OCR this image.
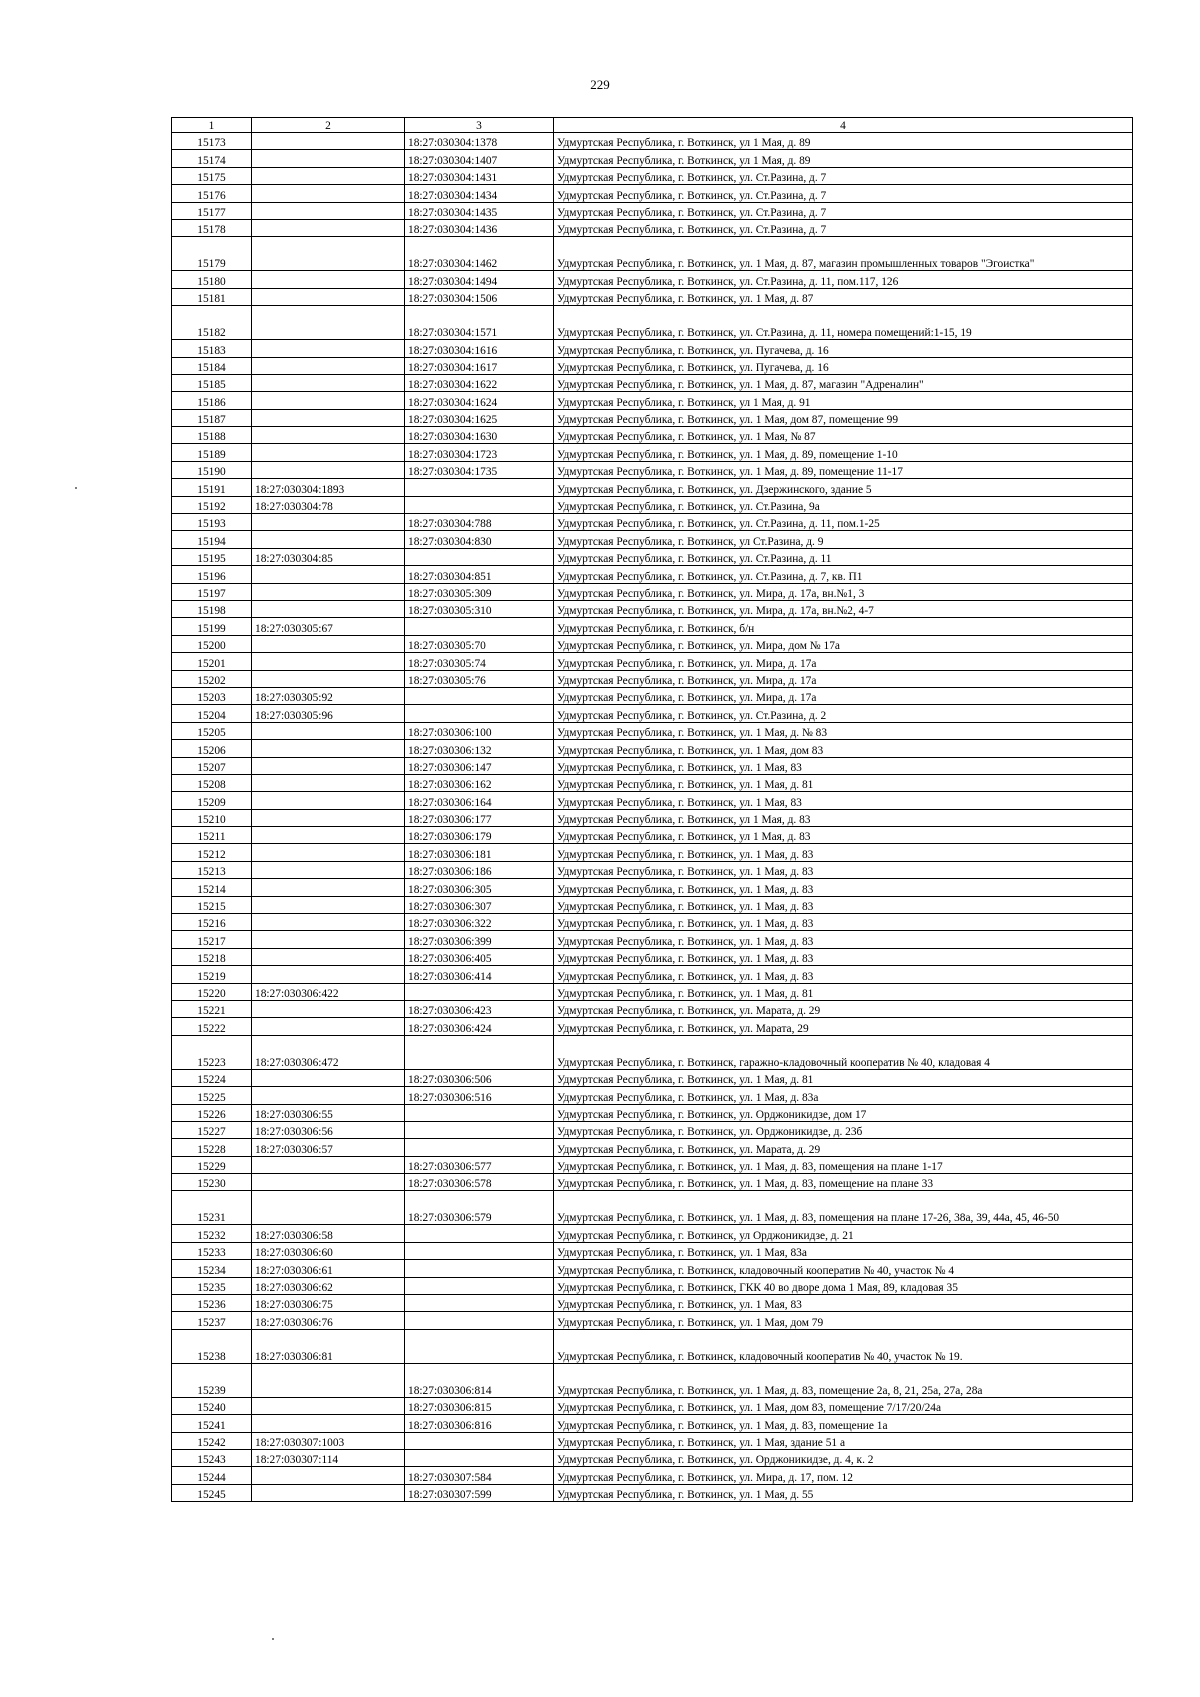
229
1	2	3	4
15173		18:27:030304:1378	Удмуртская Республика, г. Воткинск, ул 1 Мая, д. 89
15174		18:27:030304:1407	Удмуртская Республика, г. Воткинск, ул 1 Мая, д. 89
15175		18:27:030304:1431	Удмуртская Республика, г. Воткинск, ул. Ст.Разина, д. 7
15176		18:27:030304:1434	Удмуртская Республика, г. Воткинск, ул. Ст.Разина, д. 7
15177		18:27:030304:1435	Удмуртская Республика, г. Воткинск, ул. Ст.Разина, д. 7
15178		18:27:030304:1436	Удмуртская Республика, г. Воткинск, ул. Ст.Разина, д. 7
15179		18:27:030304:1462	Удмуртская Республика, г. Воткинск, ул. 1 Мая, д. 87, магазин промышленных товаров "Эгоистка"
15180		18:27:030304:1494	Удмуртская Республика, г. Воткинск, ул. Ст.Разина, д. 11, пом.117, 126
15181		18:27:030304:1506	Удмуртская Республика, г. Воткинск, ул. 1 Мая, д. 87
15182		18:27:030304:1571	Удмуртская Республика, г. Воткинск, ул. Ст.Разина, д. 11, номера помещений:1-15, 19
15183		18:27:030304:1616	Удмуртская Республика, г. Воткинск, ул. Пугачева, д. 16
15184		18:27:030304:1617	Удмуртская Республика, г. Воткинск, ул. Пугачева, д. 16
15185		18:27:030304:1622	Удмуртская Республика, г. Воткинск, ул. 1 Мая, д. 87, магазин "Адреналин"
15186		18:27:030304:1624	Удмуртская Республика, г. Воткинск, ул 1 Мая, д. 91
15187		18:27:030304:1625	Удмуртская Республика, г. Воткинск, ул. 1 Мая, дом 87, помещение 99
15188		18:27:030304:1630	Удмуртская Республика, г. Воткинск, ул. 1 Мая, № 87
15189		18:27:030304:1723	Удмуртская Республика, г. Воткинск, ул. 1 Мая, д. 89, помещение 1-10
15190		18:27:030304:1735	Удмуртская Республика, г. Воткинск, ул. 1 Мая, д. 89, помещение 11-17
15191	18:27:030304:1893		Удмуртская Республика, г. Воткинск, ул. Дзержинского, здание 5
15192	18:27:030304:78		Удмуртская Республика, г. Воткинск, ул. Ст.Разина, 9а
15193		18:27:030304:788	Удмуртская Республика, г. Воткинск, ул. Ст.Разина, д. 11, пом.1-25
15194		18:27:030304:830	Удмуртская Республика, г. Воткинск, ул Ст.Разина, д. 9
15195	18:27:030304:85		Удмуртская Республика, г. Воткинск, ул. Ст.Разина, д. 11
15196		18:27:030304:851	Удмуртская Республика, г. Воткинск, ул. Ст.Разина, д. 7, кв. П1
15197		18:27:030305:309	Удмуртская Республика, г. Воткинск, ул. Мира, д. 17а, вн.№1, 3
15198		18:27:030305:310	Удмуртская Республика, г. Воткинск, ул. Мира, д. 17а, вн.№2, 4-7
15199	18:27:030305:67		Удмуртская Республика, г. Воткинск, б/н
15200		18:27:030305:70	Удмуртская Республика, г. Воткинск, ул. Мира, дом № 17а
15201		18:27:030305:74	Удмуртская Республика, г. Воткинск, ул. Мира, д. 17а
15202		18:27:030305:76	Удмуртская Республика, г. Воткинск, ул. Мира, д. 17а
15203	18:27:030305:92		Удмуртская Республика, г. Воткинск, ул. Мира, д. 17а
15204	18:27:030305:96		Удмуртская Республика, г. Воткинск, ул. Ст.Разина, д. 2
15205		18:27:030306:100	Удмуртская Республика, г. Воткинск, ул. 1 Мая, д. № 83
15206		18:27:030306:132	Удмуртская Республика, г. Воткинск, ул. 1 Мая, дом 83
15207		18:27:030306:147	Удмуртская Республика, г. Воткинск, ул. 1 Мая, 83
15208		18:27:030306:162	Удмуртская Республика, г. Воткинск, ул. 1 Мая, д. 81
15209		18:27:030306:164	Удмуртская Республика, г. Воткинск, ул. 1 Мая, 83
15210		18:27:030306:177	Удмуртская Республика, г. Воткинск, ул 1 Мая, д. 83
15211		18:27:030306:179	Удмуртская Республика, г. Воткинск, ул 1 Мая, д. 83
15212		18:27:030306:181	Удмуртская Республика, г. Воткинск, ул. 1 Мая, д. 83
15213		18:27:030306:186	Удмуртская Республика, г. Воткинск, ул. 1 Мая, д. 83
15214		18:27:030306:305	Удмуртская Республика, г. Воткинск, ул. 1 Мая, д. 83
15215		18:27:030306:307	Удмуртская Республика, г. Воткинск, ул. 1 Мая, д. 83
15216		18:27:030306:322	Удмуртская Республика, г. Воткинск, ул. 1 Мая, д. 83
15217		18:27:030306:399	Удмуртская Республика, г. Воткинск, ул. 1 Мая, д. 83
15218		18:27:030306:405	Удмуртская Республика, г. Воткинск, ул. 1 Мая, д. 83
15219		18:27:030306:414	Удмуртская Республика, г. Воткинск, ул. 1 Мая, д. 83
15220	18:27:030306:422		Удмуртская Республика, г. Воткинск, ул. 1 Мая, д. 81
15221		18:27:030306:423	Удмуртская Республика, г. Воткинск, ул. Марата, д. 29
15222		18:27:030306:424	Удмуртская Республика, г. Воткинск, ул. Марата, 29
15223	18:27:030306:472		Удмуртская Республика, г. Воткинск, гаражно-кладовочный кооператив № 40, кладовая 4
15224		18:27:030306:506	Удмуртская Республика, г. Воткинск, ул. 1 Мая, д. 81
15225		18:27:030306:516	Удмуртская Республика, г. Воткинск, ул. 1 Мая, д. 83а
15226	18:27:030306:55		Удмуртская Республика, г. Воткинск, ул. Орджоникидзе, дом 17
15227	18:27:030306:56		Удмуртская Республика, г. Воткинск, ул. Орджоникидзе, д. 23б
15228	18:27:030306:57		Удмуртская Республика, г. Воткинск, ул. Марата, д. 29
15229		18:27:030306:577	Удмуртская Республика, г. Воткинск, ул. 1 Мая, д. 83, помещения на плане 1-17
15230		18:27:030306:578	Удмуртская Республика, г. Воткинск, ул. 1 Мая, д. 83, помещение на плане 33
15231		18:27:030306:579	Удмуртская Республика, г. Воткинск, ул. 1 Мая, д. 83, помещения на плане 17-26, 38а, 39, 44а, 45, 46-50
15232	18:27:030306:58		Удмуртская Республика, г. Воткинск, ул Орджоникидзе, д. 21
15233	18:27:030306:60		Удмуртская Республика, г. Воткинск, ул. 1 Мая, 83а
15234	18:27:030306:61		Удмуртская Республика, г. Воткинск, кладовочный кооператив № 40, участок № 4
15235	18:27:030306:62		Удмуртская Республика, г. Воткинск, ГКК 40 во дворе дома 1 Мая, 89, кладовая 35
15236	18:27:030306:75		Удмуртская Республика, г. Воткинск, ул. 1 Мая, 83
15237	18:27:030306:76		Удмуртская Республика, г. Воткинск, ул. 1 Мая, дом 79
15238	18:27:030306:81		Удмуртская Республика, г. Воткинск, кладовочный кооператив № 40, участок № 19.
15239		18:27:030306:814	Удмуртская Республика, г. Воткинск, ул. 1 Мая, д. 83, помещение 2а, 8, 21, 25а, 27а, 28а
15240		18:27:030306:815	Удмуртская Республика, г. Воткинск, ул. 1 Мая, дом 83, помещение 7/17/20/24а
15241		18:27:030306:816	Удмуртская Республика, г. Воткинск, ул. 1 Мая, д. 83, помещение 1а
15242	18:27:030307:1003		Удмуртская Республика, г. Воткинск, ул. 1 Мая, здание 51 а
15243	18:27:030307:114		Удмуртская Республика, г. Воткинск, ул. Орджоникидзе, д. 4, к. 2
15244		18:27:030307:584	Удмуртская Республика, г. Воткинск, ул. Мира, д. 17, пом. 12
15245		18:27:030307:599	Удмуртская Республика, г. Воткинск, ул. 1 Мая, д. 55
